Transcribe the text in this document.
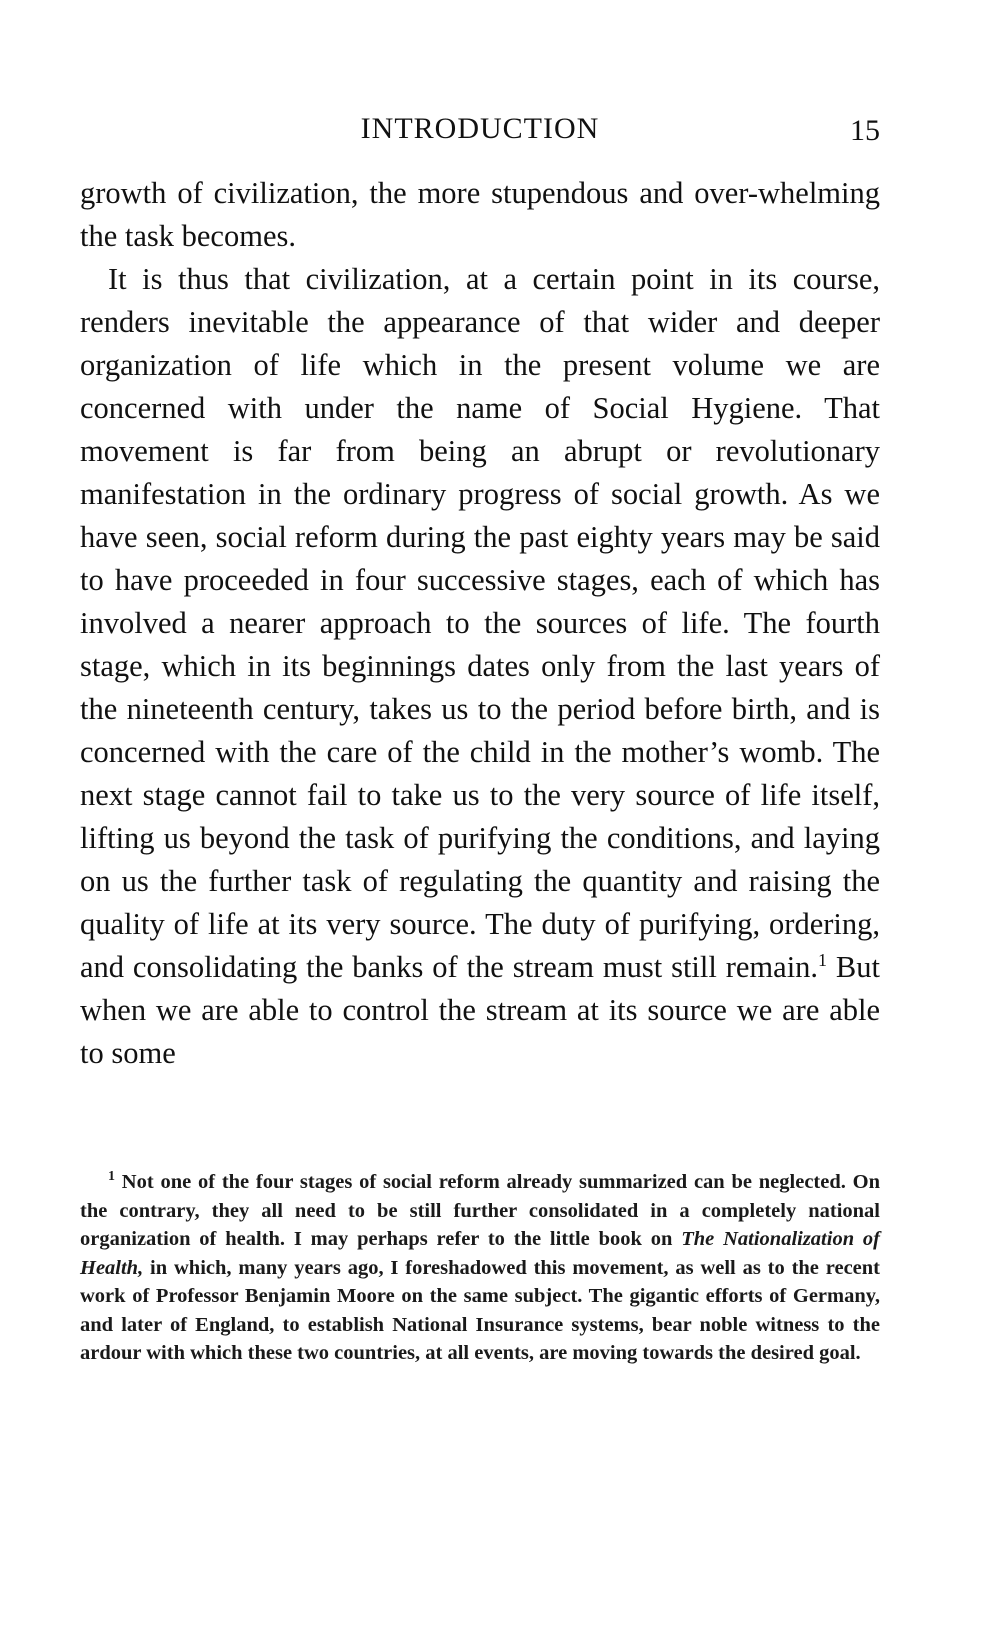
INTRODUCTION	15

growth of civilization, the more stupendous and over-whelming the task becomes.

It is thus that civilization, at a certain point in its course, renders inevitable the appearance of that wider and deeper organization of life which in the present volume we are concerned with under the name of Social Hygiene. That movement is far from being an abrupt or revolutionary manifestation in the ordinary progress of social growth. As we have seen, social reform during the past eighty years may be said to have proceeded in four successive stages, each of which has involved a nearer approach to the sources of life. The fourth stage, which in its beginnings dates only from the last years of the nineteenth century, takes us to the period before birth, and is concerned with the care of the child in the mother’s womb. The next stage cannot fail to take us to the very source of life itself, lifting us beyond the task of purifying the conditions, and laying on us the further task of regulating the quantity and raising the quality of life at its very source. The duty of purifying, ordering, and consolidating the banks of the stream must still remain.$^1$ But when we are able to control the stream at its source we are able to some

$^1$ Not one of the four stages of social reform already summarized can be neglected. On the contrary, they all need to be still further consolidated in a completely national organization of health. I may perhaps refer to the little book on The Nationalization of Health, in which, many years ago, I foreshadowed this movement, as well as to the recent work of Professor Benjamin Moore on the same subject. The gigantic efforts of Germany, and later of England, to establish National Insurance systems, bear noble witness to the ardour with which these two countries, at all events, are moving towards the desired goal.
